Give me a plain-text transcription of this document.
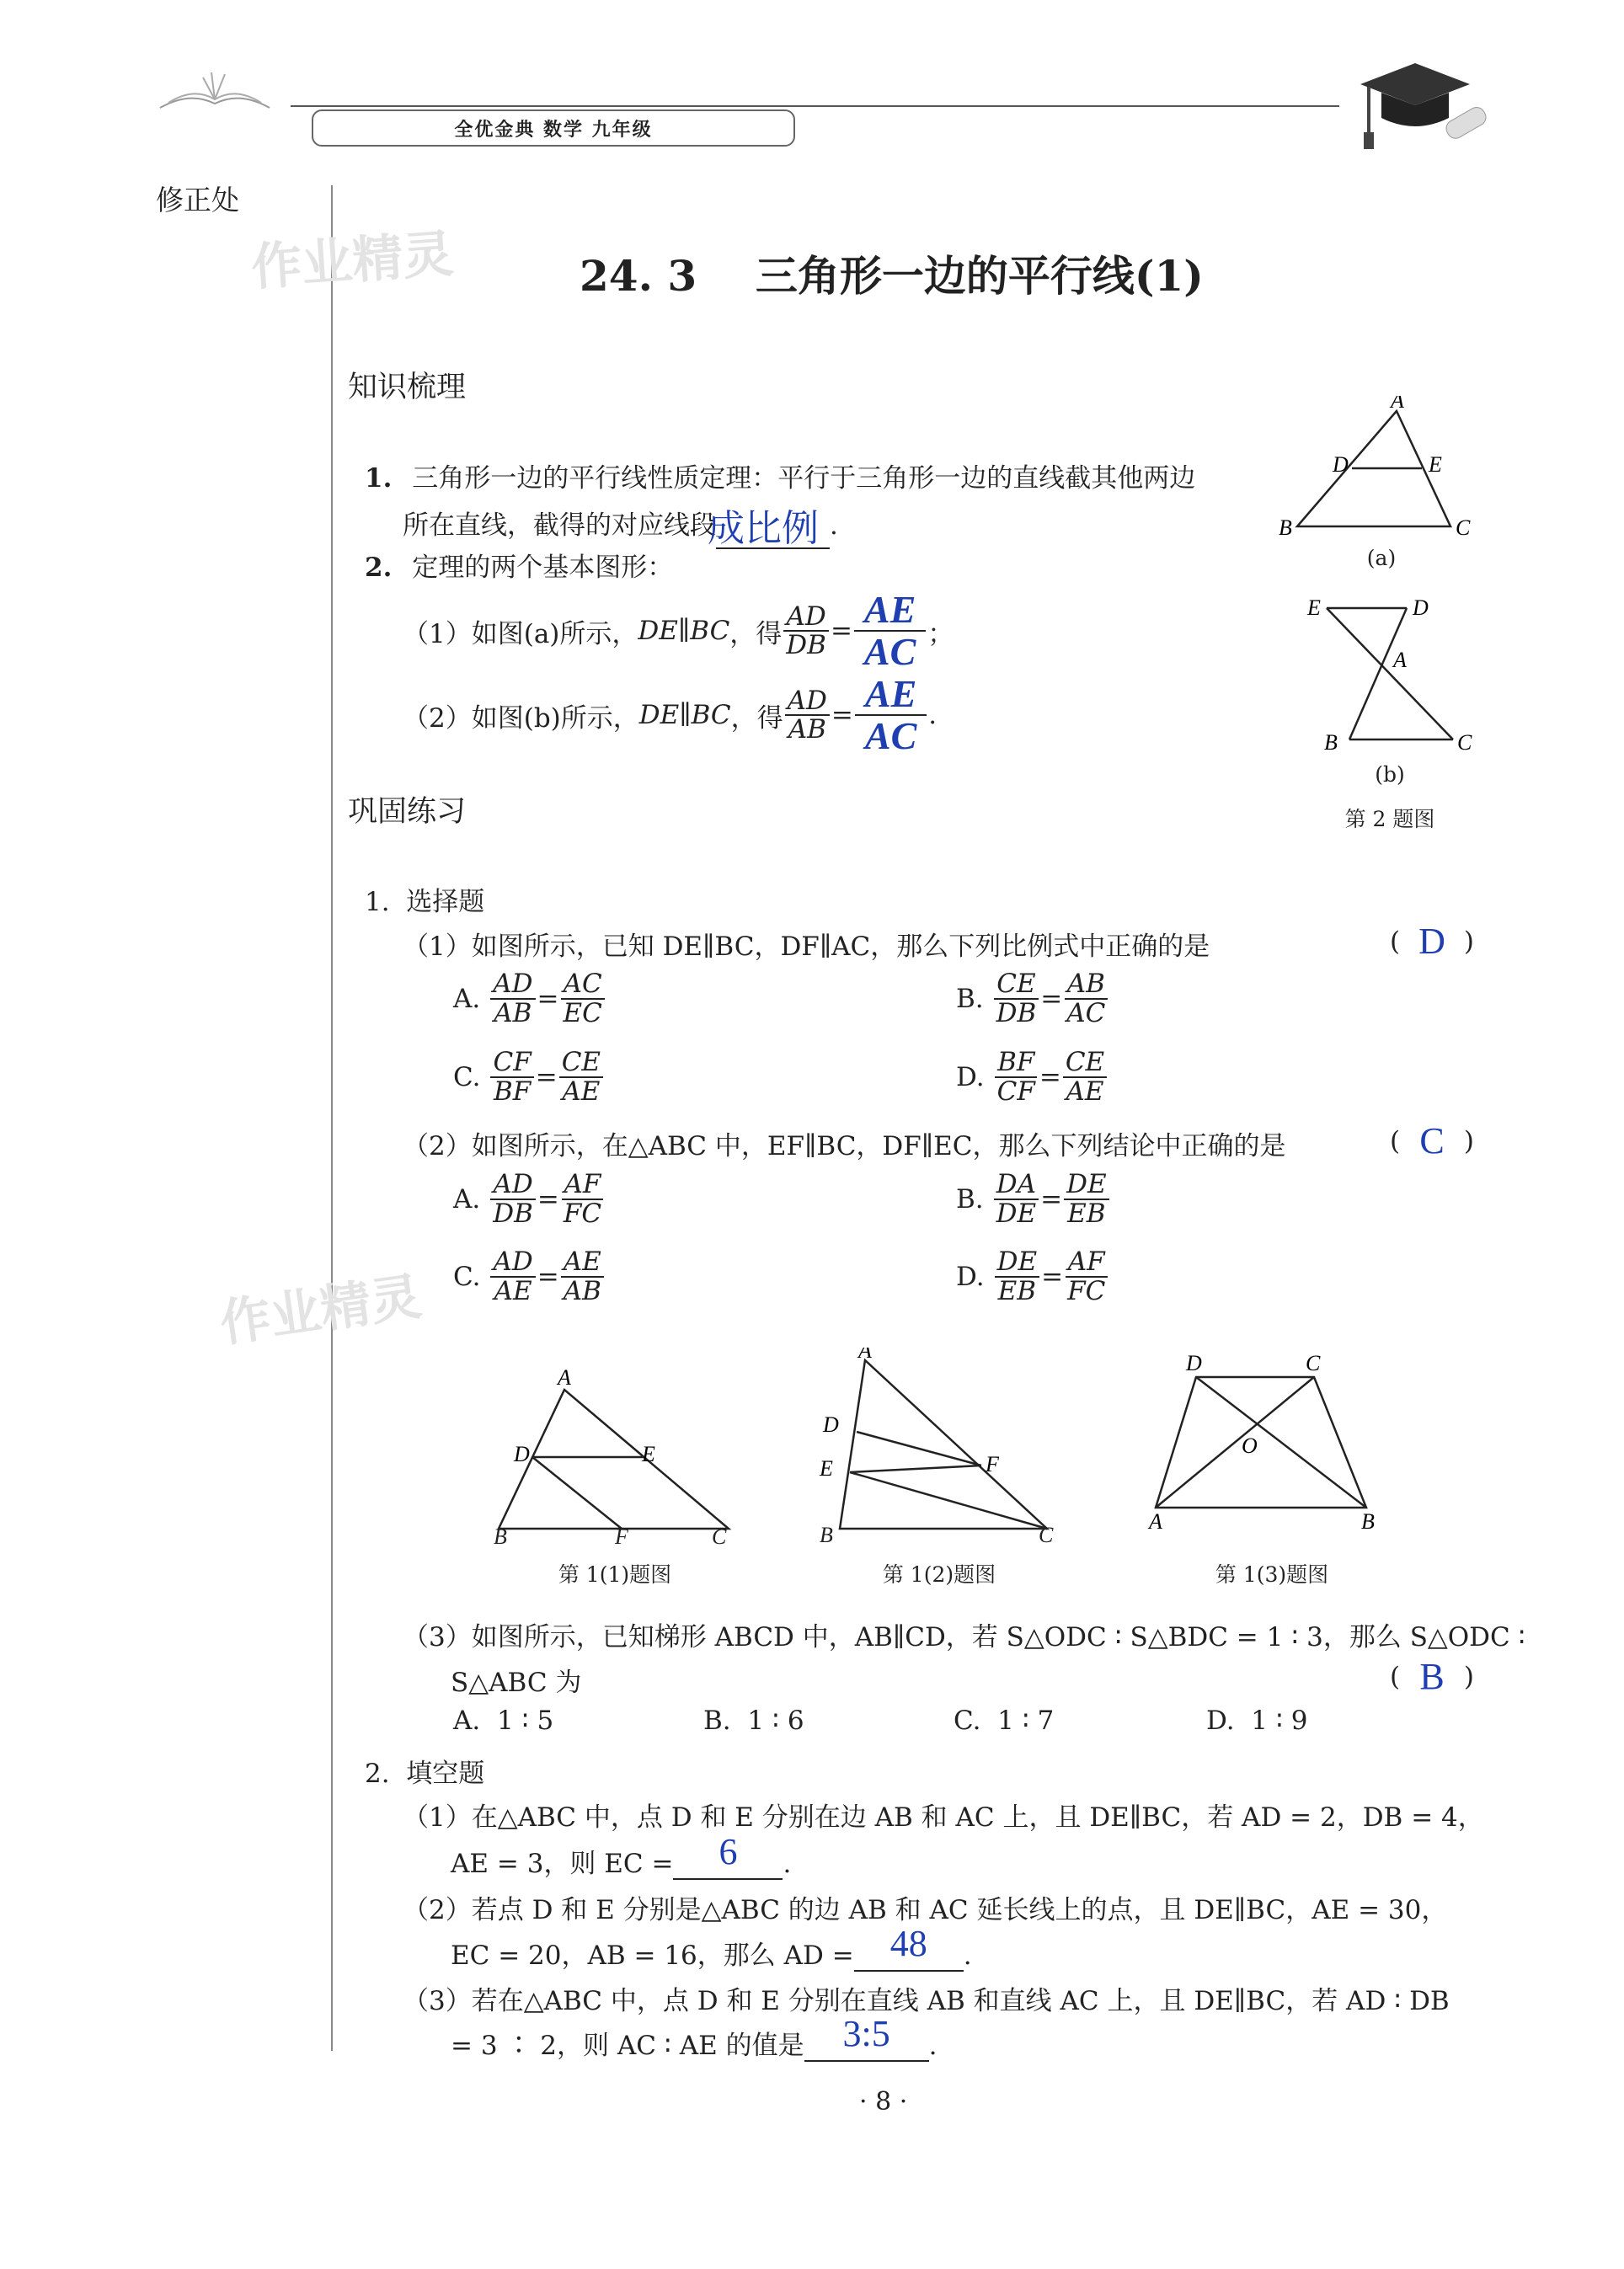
全优金典 数学 九年级
修正处
作业精灵
作业精灵
24. 3    三角形一边的平行线(1)
知识梳理
1. 三角形一边的平行线性质定理：平行于三角形一边的直线截其他两边
所在直线，截得的对应线段
成比例 .
2. 定理的两个基本图形：
（1）如图(a)所示， DE∥BC ，得 $\frac{AD}{DB} = \frac{AE}{AC}$ ；
（2）如图(b)所示， DE∥BC ，得 $\frac{AD}{AB} = \frac{AE}{AC}$ .
A
D	E
B	C
(a)
E	D
A
B	C
(b)
第 2 题图
巩固练习
1.  选择题
（1）如图所示，已知 DE∥BC，DF∥AC，那么下列比例式中正确的是	( D )
A. $\frac{AD}{AB} = \frac{AC}{EC}$	B. $\frac{CE}{DB} = \frac{AB}{AC}$
C. $\frac{CF}{BF} = \frac{CE}{AE}$	D. $\frac{BF}{CF} = \frac{CE}{AE}$
（2）如图所示，在△ABC 中，EF∥BC，DF∥EC，那么下列结论中正确的是	( C )
A. $\frac{AD}{DB} = \frac{AF}{FC}$	B. $\frac{DA}{DE} = \frac{DE}{EB}$
C. $\frac{AD}{AE} = \frac{AE}{AB}$	D. $\frac{DE}{EB} = \frac{AF}{FC}$
A
D	E
B	F	C
第 1(1)题图
A
D
E	F
B	C
第 1(2)题图
D	C
O
A	B
第 1(3)题图
（3）如图所示，已知梯形 ABCD 中，AB∥CD，若 S△ODC ∶ S△BDC = 1 ∶ 3，那么 S△ODC ∶
S△ABC 为	( B )
A.  1 ∶ 5	B.  1 ∶ 6	C.  1 ∶ 7	D.  1 ∶ 9
2.  填空题
（1）在△ABC 中，点 D 和 E 分别在边 AB 和 AC 上，且 DE∥BC，若 AD = 2，DB = 4，
AE = 3，则 EC =	6	.
（2）若点 D 和 E 分别是△ABC 的边 AB 和 AC 延长线上的点，且 DE∥BC，AE = 30，
EC = 20，AB = 16，那么 AD = 48	.
（3）若在△ABC 中，点 D 和 E 分别在直线 AB 和直线 AC 上，且 DE∥BC，若 AD ∶ DB
= 3 ∶ 2，则 AC ∶ AE 的值是	3:5	.
· 8 ·
